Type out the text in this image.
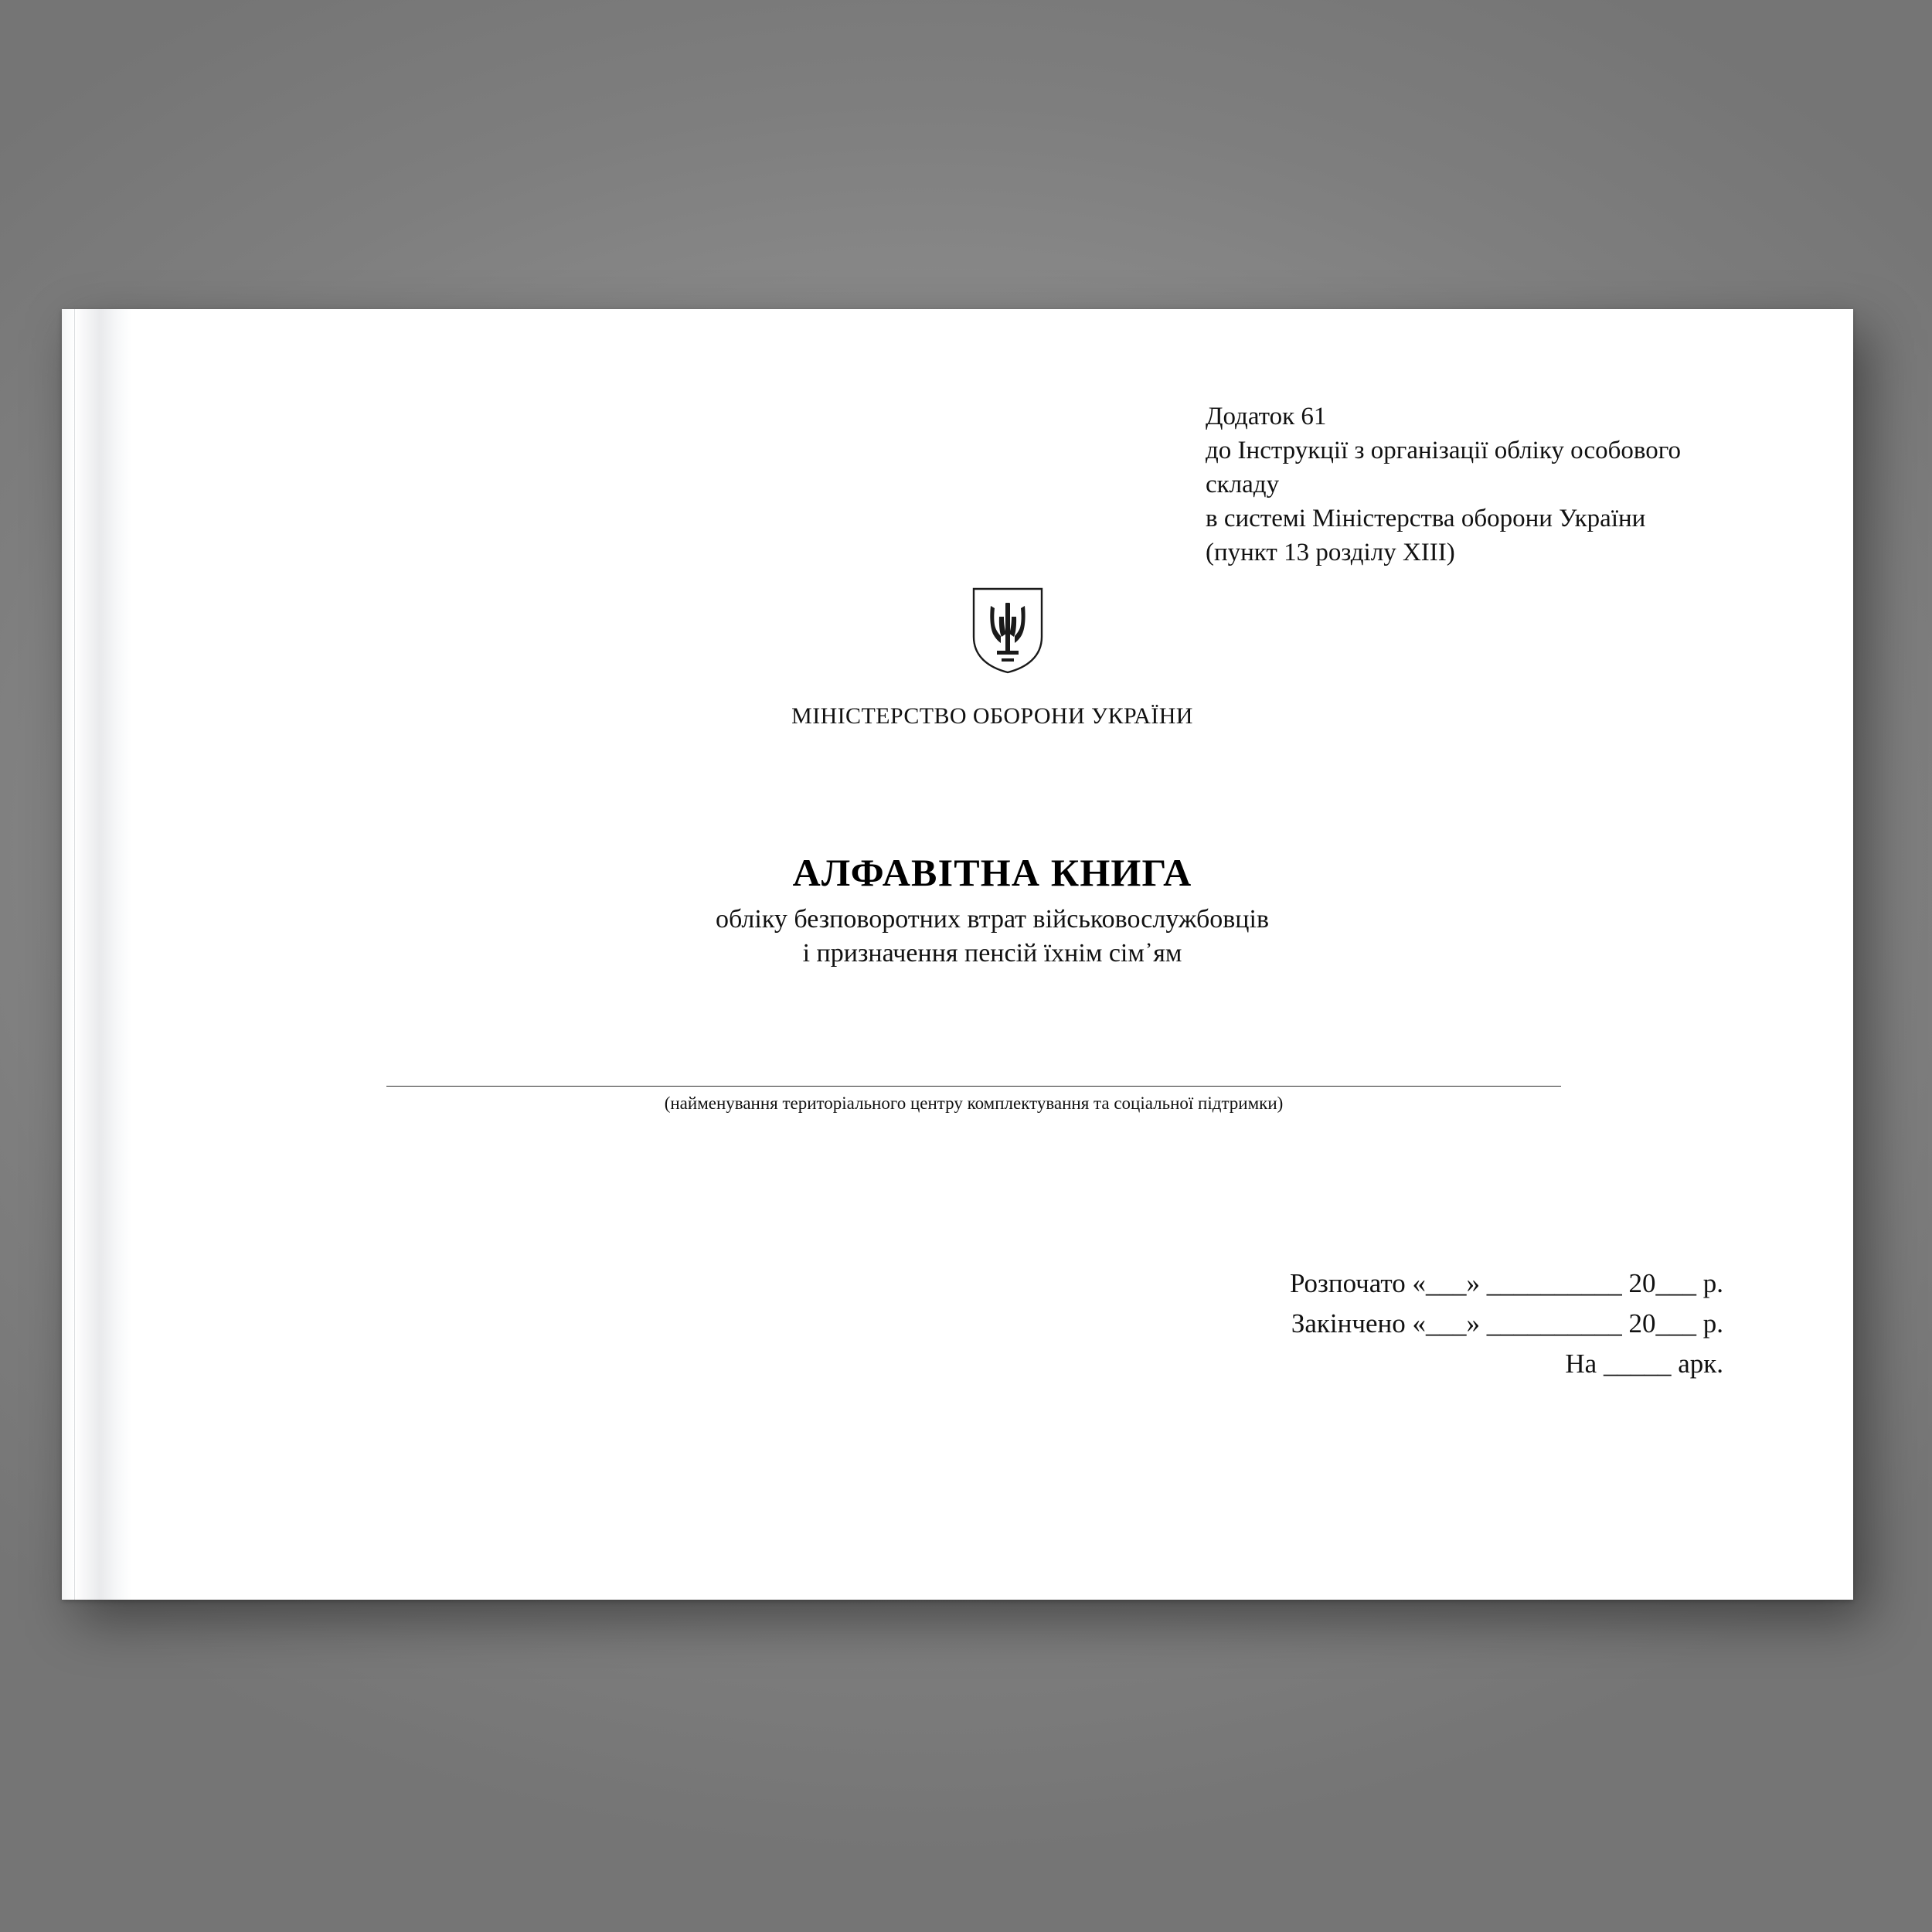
Додаток 61
до Інструкції з організації обліку особового
складу
в системі Міністерства оборони України
(пункт 13 розділу XIII)
МІНІСТЕРСТВО ОБОРОНИ УКРАЇНИ
АЛФАВІТНА КНИГА
обліку безповоротних втрат військовослужбовців
і призначення пенсій їхнім сім᾽ям
(найменування територіального центру комплектування та соціальної підтримки)
Розпочато «___» __________ 20___ р.
Закінчено «___» __________ 20___ р.
На _____ арк.
